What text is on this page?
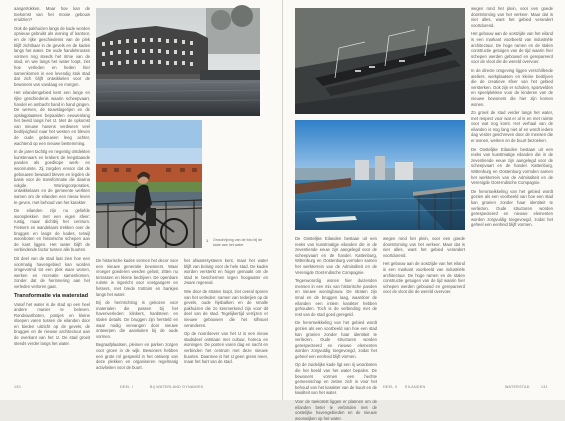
aangetrokken. Maar hoe kan de toekomst van het mooie gebouw eruitzien?

Ook de pakhuizen langs de kade worden opnieuw gebruikt als woning of kantoor, en de rijke geschiedenis van de plek blijft zichtbaar in de gevels en de kades langs het water. De oude handelsroutes vormen nog steeds het ritme van de stad, en wie langs het water loopt, ziet hoe verleden en heden hier samenkomen in een levendig stuk stad dat zich blijft ontwikkelen voor de bewoners van vandaag en morgen.

Het eilandengebied kent een lange en rijke geschiedenis waarin scheepvaart, handel en ambacht hand in hand gingen. De werven, de touwslagerijen en de opslagplaatsen bepaalden eeuwenlang het beeld langs het IJ. Met de opkomst van nieuwe havens verdween veel bedrijvigheid naar het westen en bleven de oude gebouwen leeg achter, wachtend op een nieuwe bestemming.

In de jaren tachtig en negentig ontdekten kunstenaars en krakers de leegstaande panden als goedkope werk- en woonruimte. Zij zorgden ervoor dat de gebouwen bewaard bleven en legden de basis voor de transformatie die daarna volgde. Woningcorporaties, ontwikkelaars en de gemeente werkten samen om de eilanden een nieuw leven te geven, met behoud van het karakter.

De eilanden zijn nu geliefde woonplekken met een eigen sfeer: rustig, maar dichtbij het centrum. Fietsers en wandelaars trekken over de bruggen en langs de kades, terwijl woonboten en historische schepen aan de kant liggen. Het water blijft de verbindende factor tussen alle buurten.

Dit deel van de stad laat zien hoe een voormalig havengebied kan worden omgevormd tot een plek waar wonen, werken en recreatie samenkomen, zonder dat de herinnering aan het verleden verloren gaat.

Transformatie via waterstad

Vanaf het water is de stad op een heel andere manier te beleven. Rondvaartboten, pontjes en kleine sloepen varen tussen de eilanden door en bieden uitzicht op de gevels, de bruggen en de nieuwe architectuur aan de overkant van het IJ. De stad groeit steeds verder langs het water.

1 Omschrijving van de foto bij de kade aan het water

De historische kades vormen het decor voor een nieuwe generatie bewoners. Waar vroeger goederen werden gelost, zitten nu terrassen en kleine bedrijven. De openbare ruimte is ingericht voor voetgangers en fietsers, met brede trottoirs en bankjes langs het water.

Bij de herinrichting is gekozen voor materialen die passen bij het havenverleden: klinkers, hardsteen en stalen details. De bruggen zijn hersteld en waar nodig vervangen door nieuwe ontwerpen die aansluiten bij de oude vormen.

Begraafplaatsen, pleinen en parken zorgen voor groen in de wijk. Bewoners hebben een grote rol gespeeld in het ontwerp van deze plekken en organiseren regelmatig activiteiten voor de buurt.

het afwatersysteem kent, maar het water blijft van belang voor de hele stad. De kades worden versterkt en hoger gemaakt om de stad te beschermen tegen hoogwater en zware regenval.

Wie door de straten loopt, ziet overal sporen van het verleden: namen van rederijen op de gevels, oude hijsbalken en de smalle pakhuizen die zo kenmerkend zijn voor dit deel van de stad. Tegelijkertijd verrijzen er nieuwe gebouwen die het silhouet veranderen.

Op de noordoever van het IJ is een nieuw stadsdeel ontstaan met cultuur, horeca en woningen. De ponten varen dag en nacht en verbinden het centrum met deze nieuwe buurten. Daarmee is het IJ geen grens meer, maar het hart van de stad.

130	DEEL I	Bij WATERLAND DYNAMIEK

De Oostelijke Eilanden bestaan uit een reeks van kunstmatige eilanden die in de zeventiende eeuw zijn aangelegd voor de scheepvaart en de handel. Kattenburg, Wittenburg en Oostenburg vormden samen het werkterrein van de Admiraliteit en de Verenigde Oost-Indische Compagnie.

Tegenwoordig wonen hier duizenden mensen in een mix van historische panden en nieuwe woningbouw. De straten zijn smal en de bruggen laag, waardoor de eilanden een intiem karakter hebben gehouden. Toch is de verbinding met de rest van de stad goed geregeld.

De herontwikkeling van het gebied wordt gezien als een voorbeeld van hoe een stad kan groeien zonder haar identiteit te verliezen. Oude structuren worden gerespecteerd en nieuwe elementen worden zorgvuldig toegevoegd, zodat het geheel een eenheid blijft vormen.

Op de zuidelijke kade ligt een rij woonboten die het beeld van het water bepalen. De bewoners vormen een hechte gemeenschap en zetten zich in voor het behoud van het karakter van de buurt en de kwaliteit van het water.

Voor de toekomst liggen er plannen om de eilanden beter te verbinden met de oostelijke havengebieden en de nieuwe woonwijken op het water.

wegen rond het plein, voor een goede doorstroming van het verkeer. Maar dat is niet alles, want het gebied verandert voortdurend.

Het gebouw aan de oostzijde van het eiland is een markant voorbeeld van industriële architectuur. De hoge ramen en de stalen constructie getuigen van de tijd waarin hier schepen werden gebouwd en gerepareerd voor de vloot die de wereld overvoer.

wegen rond het plein, voor een goede doorstroming van het verkeer. Maar dat is niet alles, want het gebied verandert voortdurend.

Het gebouw aan de oostzijde van het eiland is een markant voorbeeld van industriële architectuur. De hoge ramen en de stalen constructie getuigen van de tijd waarin hier schepen werden gebouwd en gerepareerd voor de vloot die de wereld overvoer.

In de directe omgeving liggen verschillende ateliers, werkplaatsen en kleine bedrijven die de creatieve sfeer van het gebied versterken. Ook zijn er scholen, sportvelden en speelplekken voor de kinderen van de nieuwe bewoners die hier zijn komen wonen.

Zo groeit de stad verder langs het water, met respect voor wat er al is en met ruimte voor wat nog komt. Het verhaal van de eilanden is nog lang niet af en wordt iedere dag verder geschreven door de mensen die er wonen, werken en de buurt bezoeken.

De Oostelijke Eilanden bestaan uit een reeks van kunstmatige eilanden die in de zeventiende eeuw zijn aangelegd voor de scheepvaart en de handel. Kattenburg, Wittenburg en Oostenburg vormden samen het werkterrein van de Admiraliteit en de Verenigde Oost-Indische Compagnie.

De herontwikkeling van het gebied wordt gezien als een voorbeeld van hoe een stad kan groeien zonder haar identiteit te verliezen. Oude structuren worden gerespecteerd en nieuwe elementen worden zorgvuldig toegevoegd, zodat het geheel een eenheid blijft vormen.

DEEL II EILANDEN	WATERSTAD	131
